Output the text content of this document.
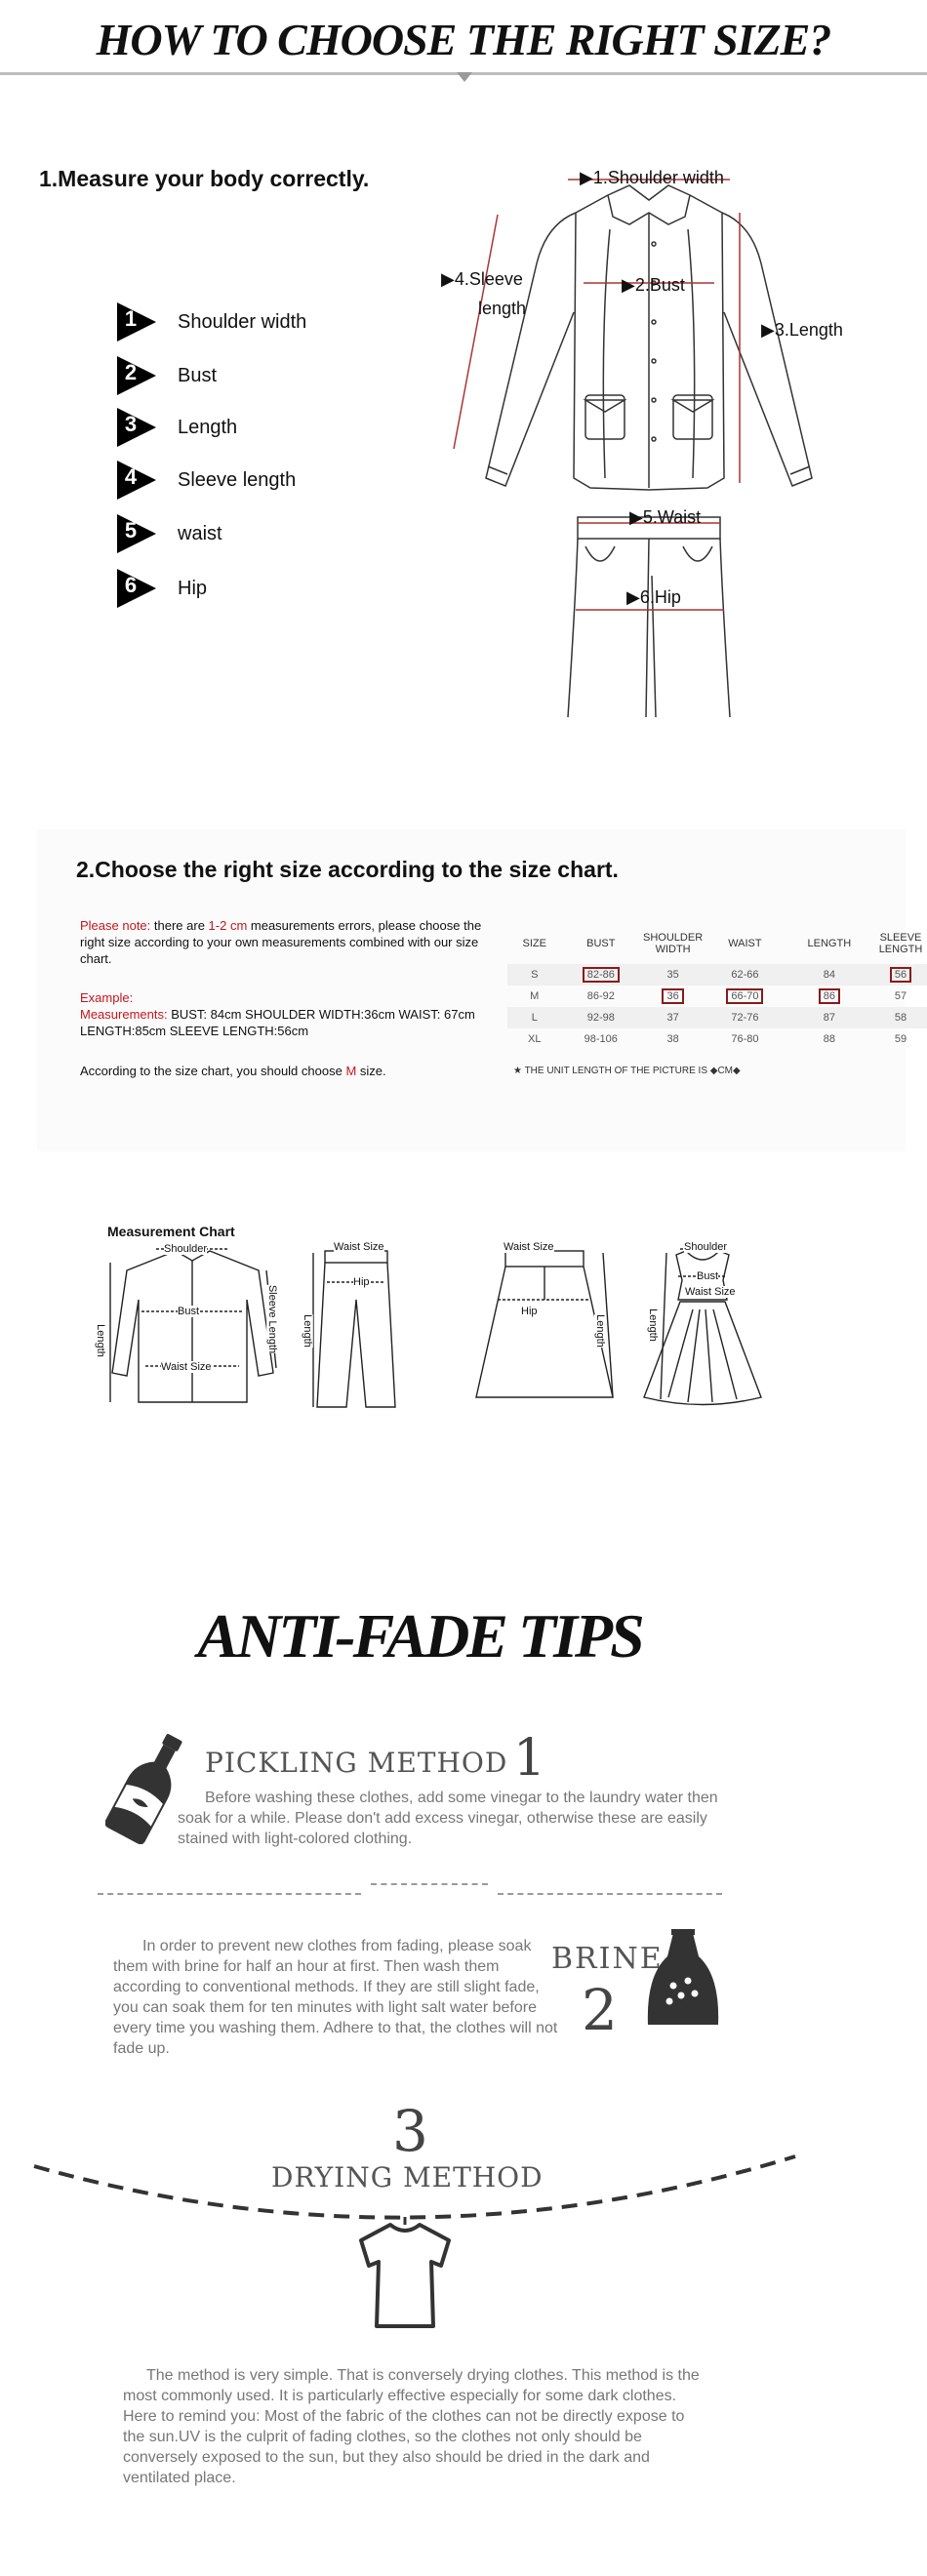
HOW TO CHOOSE THE RIGHT SIZE?
1.Measure your body correctly.
1 Shoulder width
2 Bust
3 Length
4 Sleeve length
5 waist
6 Hip
▶1.Shoulder width
▶2.Bust
▶3.Length
▶4.Sleeve
length
▶5.Waist
▶6.Hip
2.Choose the right size according to the size chart.
Please note: there are 1-2 cm measurements errors, please choose the right size according to your own measurements combined with our size chart.
Example:
Measurements: BUST: 84cm SHOULDER WIDTH:36cm WAIST: 67cm LENGTH:85cm SLEEVE LENGTH:56cm
According to the size chart, you should choose M size.
SIZE	BUST	SHOULDER WIDTH	WAIST	LENGTH	SLEEVE LENGTH
S	82-86	35	62-66	84	56
M	86-92	36	66-70	86	57
L	92-98	37	72-76	87	58
XL	98-106	38	76-80	88	59
★ THE UNIT LENGTH OF THE PICTURE IS ◆CM◆
Measurement Chart
Shoulder
Bust
Waist Size
Length	Sleeve Length
Waist Size
Hip
Length
Waist Size
Hip
Length
Shoulder
Bust
Waist Size
Length
ANTI-FADE TIPS
PICKLING METHOD 1
Before washing these clothes, add some vinegar to the laundry water then soak for a while. Please don't add excess vinegar, otherwise these are easily stained with light-colored clothing.
In order to prevent new clothes from fading, please soak them with brine for half an hour at first. Then wash them according to conventional methods. If they are still slight fade, you can soak them for ten minutes with light salt water before every time you washing them. Adhere to that, the clothes will not fade up.
BRINE
2
3
DRYING METHOD
The method is very simple. That is conversely drying clothes. This method is the most commonly used. It is particularly effective especially for some dark clothes. Here to remind you: Most of the fabric of the clothes can not be directly expose to the sun.UV is the culprit of fading clothes, so the clothes not only should be conversely exposed to the sun, but they also should be dried in the dark and ventilated place.
